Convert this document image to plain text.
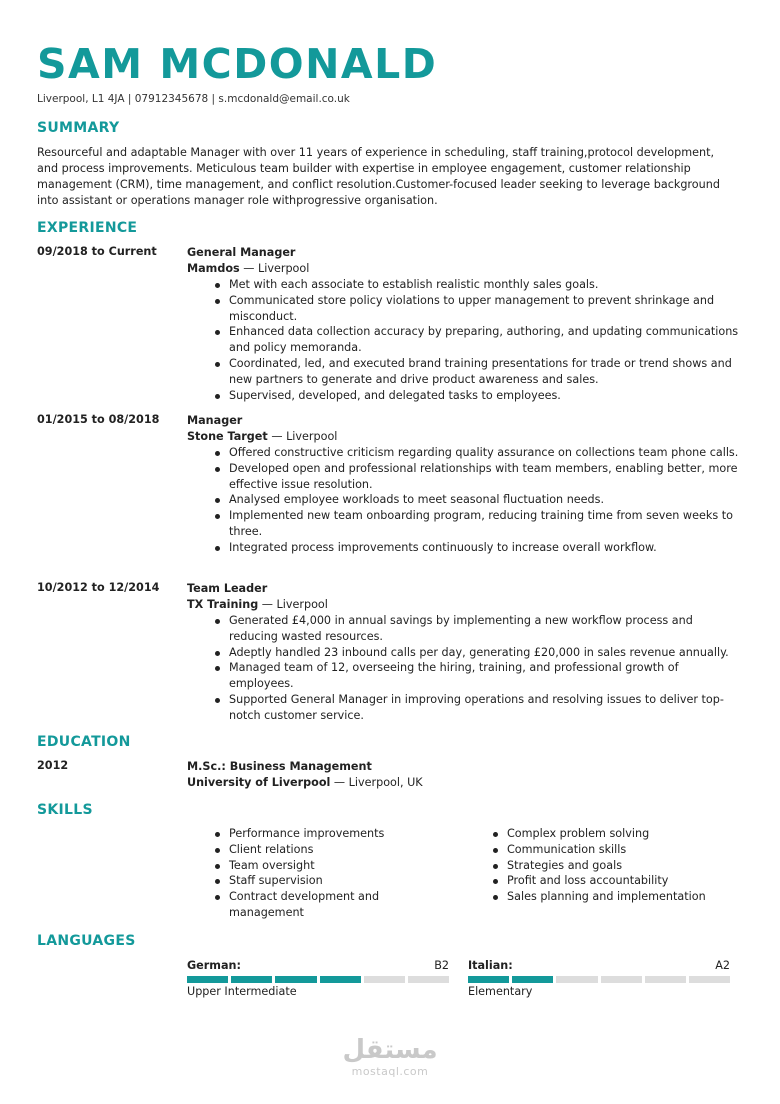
SAM MCDONALD
Liverpool, L1 4JA | 07912345678 | s.mcdonald@email.co.uk
SUMMARY

Resourceful and adaptable Manager with over 11 years of experience in scheduling, staff training,protocol development, and process improvements. Meticulous team builder with expertise in employee engagement, customer relationship management (CRM), time management, and conflict resolution.Customer-focused leader seeking to leverage background into assistant or operations manager role withprogressive organisation.

EXPERIENCE
09/2018 to Current	General Manager
Mamdos — Liverpool
Met with each associate to establish realistic monthly sales goals.
Communicated store policy violations to upper management to prevent shrinkage and misconduct.
Enhanced data collection accuracy by preparing, authoring, and updating communications and policy memoranda.
Coordinated, led, and executed brand training presentations for trade or trend shows and new partners to generate and drive product awareness and sales.
Supervised, developed, and delegated tasks to employees.
01/2015 to 08/2018 Manager
Stone Target — Liverpool
Offered constructive criticism regarding quality assurance on collections team phone calls.
Developed open and professional relationships with team members, enabling better, more effective issue resolution.
Analysed employee workloads to meet seasonal fluctuation needs.
Implemented new team onboarding program, reducing training time from seven weeks to three.
Integrated process improvements continuously to increase overall workflow.
10/2012 to 12/2014 Team Leader
TX Training — Liverpool
Generated £4,000 in annual savings by implementing a new workflow process and reducing wasted resources.
Adeptly handled 23 inbound calls per day, generating £20,000 in sales revenue annually.
Managed team of 12, overseeing the hiring, training, and professional growth of employees.
Supported General Manager in improving operations and resolving issues to deliver top-notch customer service.
EDUCATION
2012	M.Sc.: Business Management
University of Liverpool — Liverpool, UK
SKILLS
Performance improvements
Client relations
Team oversight
Staff supervision
Contract development and management
Complex problem solving
Communication skills
Strategies and goals
Profit and loss accountability
Sales planning and implementation
LANGUAGES
German:	B2
Upper Intermediate
Italian:	A2
Elementary
مستقل
mostaql.com
